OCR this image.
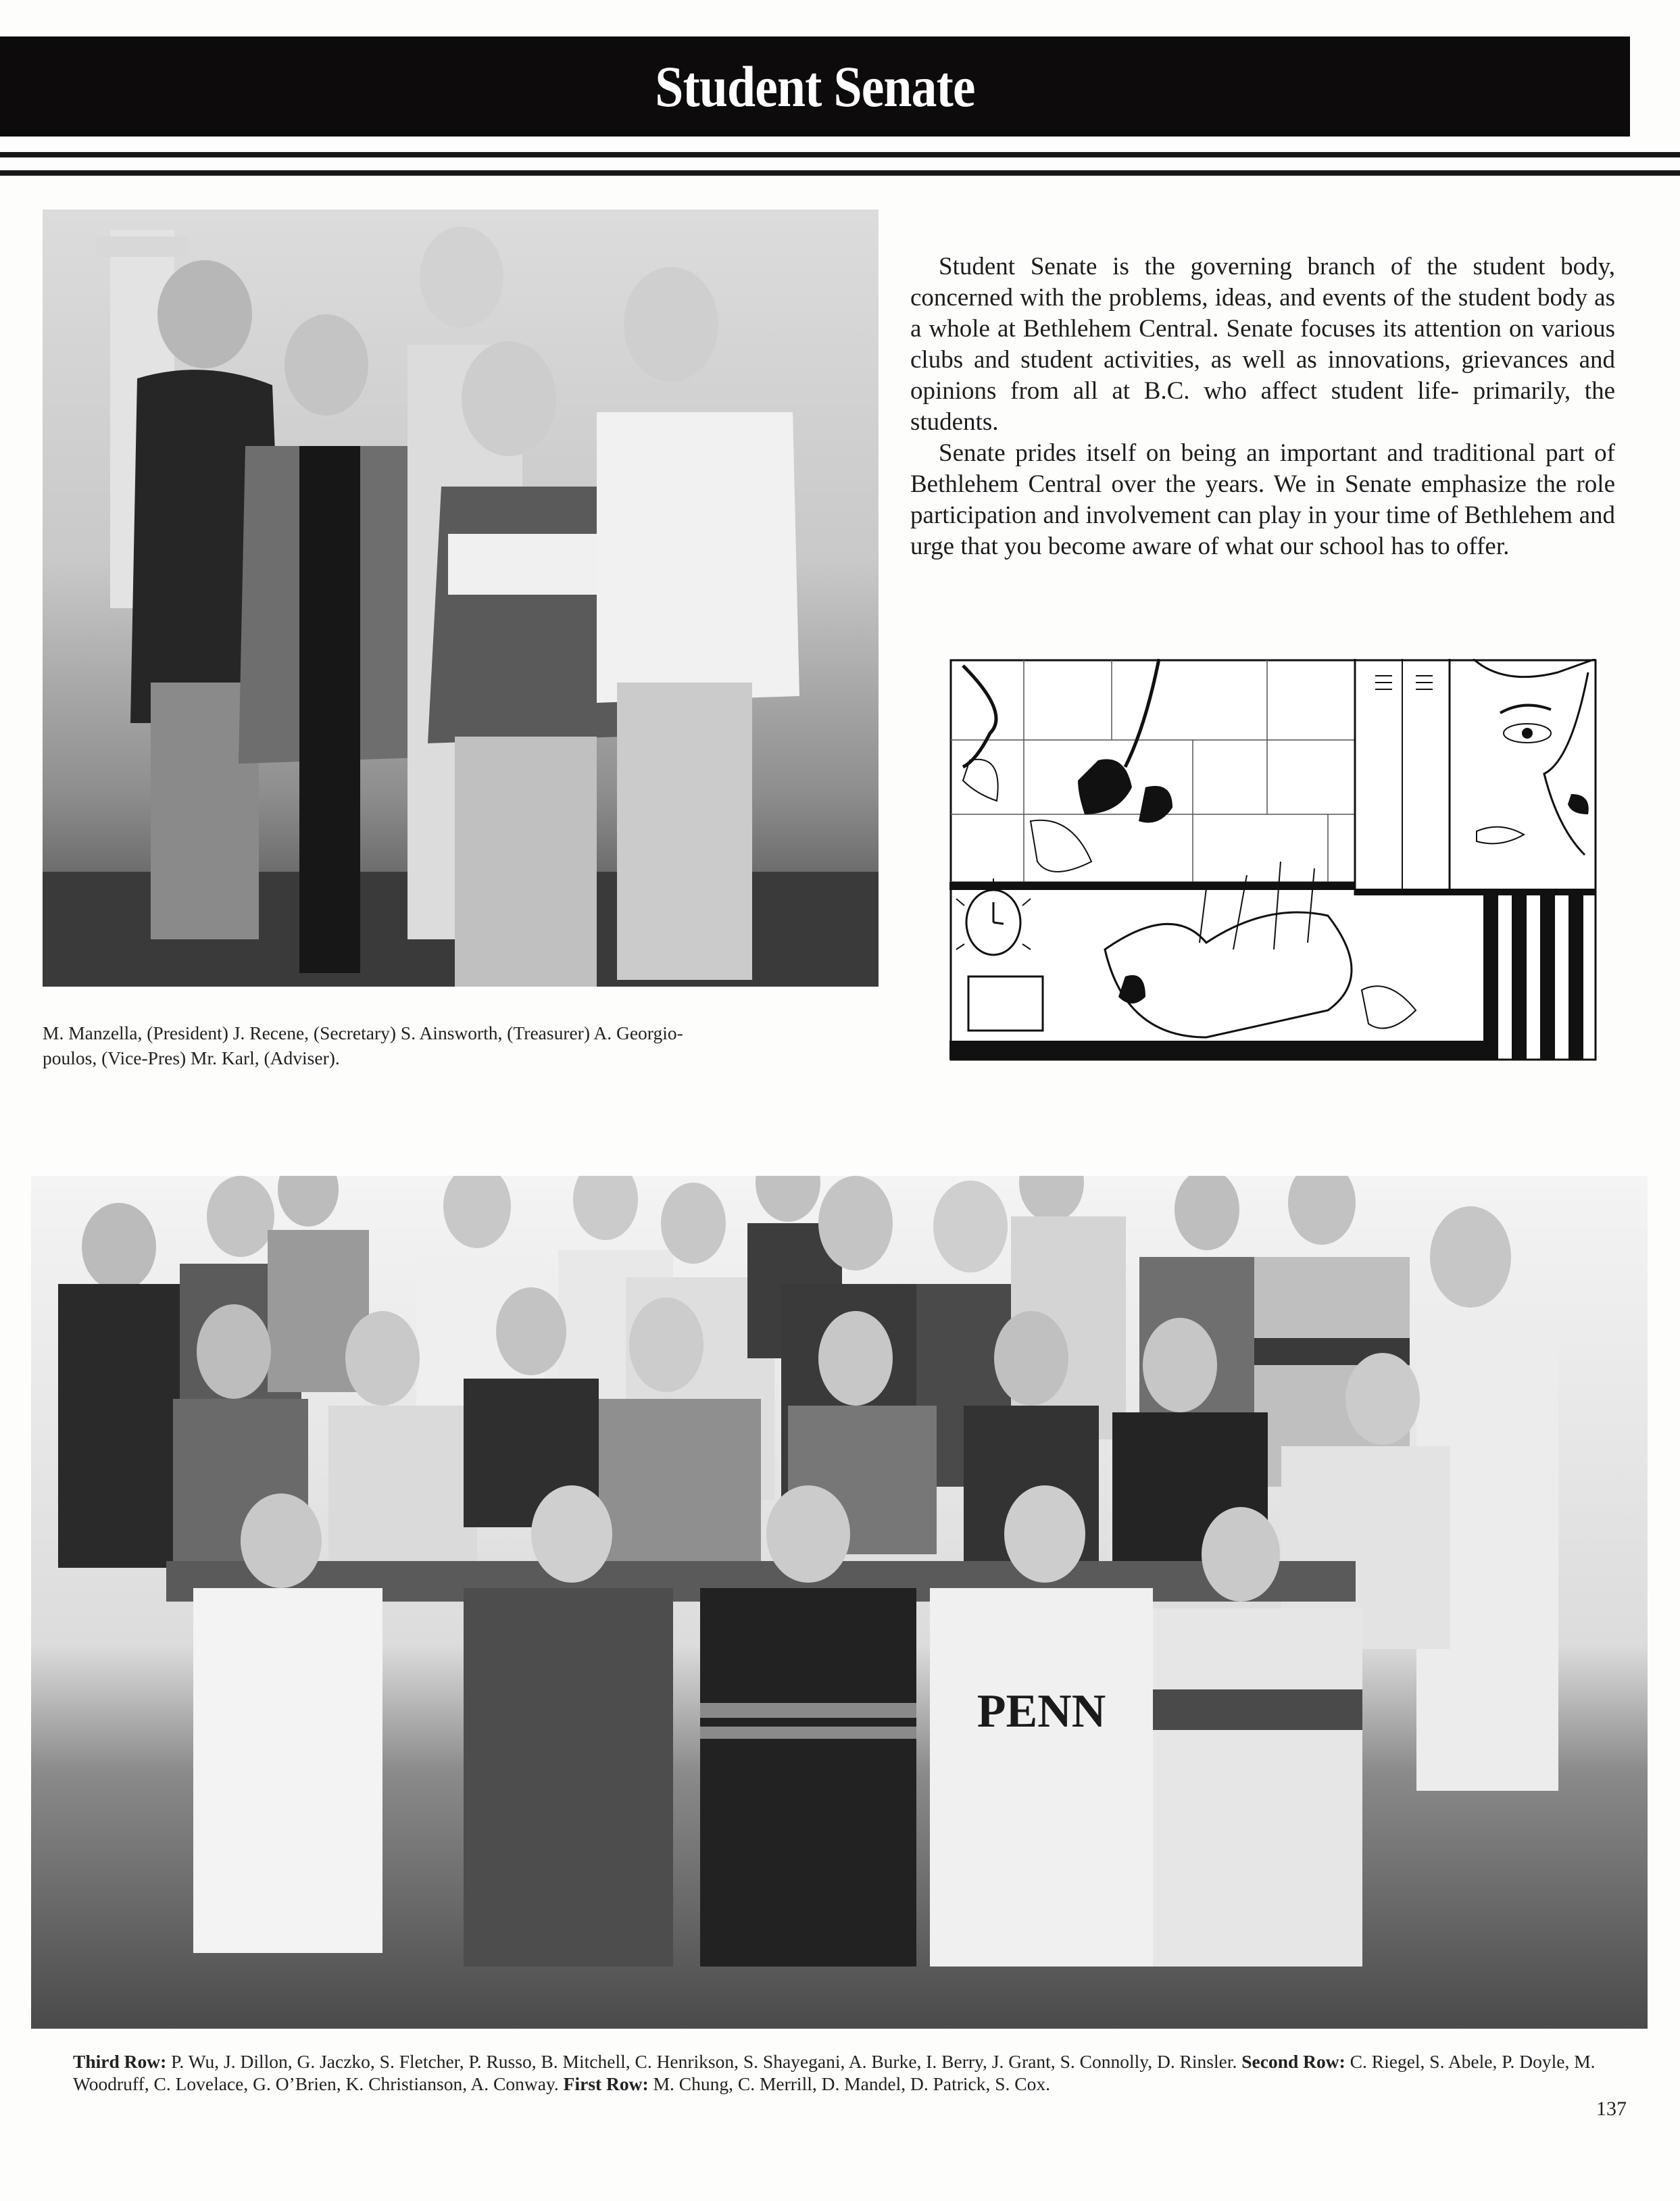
Student Senate
M. Manzella, (President) J. Recene, (Secretary) S. Ainsworth, (Treasurer) A. Georgio-
poulos, (Vice-Pres) Mr. Karl, (Adviser).

Student Senate is the governing branch of the student body, concerned with the problems, ideas, and events of the student body as a whole at Bethlehem Central. Senate focuses its attention on various clubs and student activities, as well as innovations, grievances and opinions from all at B.C. who affect student life- primarily, the students.

Senate prides itself on being an important and traditional part of Bethlehem Central over the years. We in Senate emphasize the role participation and involvement can play in your time of Bethlehem and urge that you become aware of what our school has to offer.

PENN
Third Row: P. Wu, J. Dillon, G. Jaczko, S. Fletcher, P. Russo, B. Mitchell, C. Henrikson, S. Shayegani, A. Burke, I. Berry, J. Grant, S. Connolly, D. Rinsler. Second Row: C. Riegel, S. Abele, P. Doyle, M. Woodruff, C. Lovelace, G. O’Brien, K. Christianson, A. Conway. First Row: M. Chung, C. Merrill, D. Mandel, D. Patrick, S. Cox.
137
